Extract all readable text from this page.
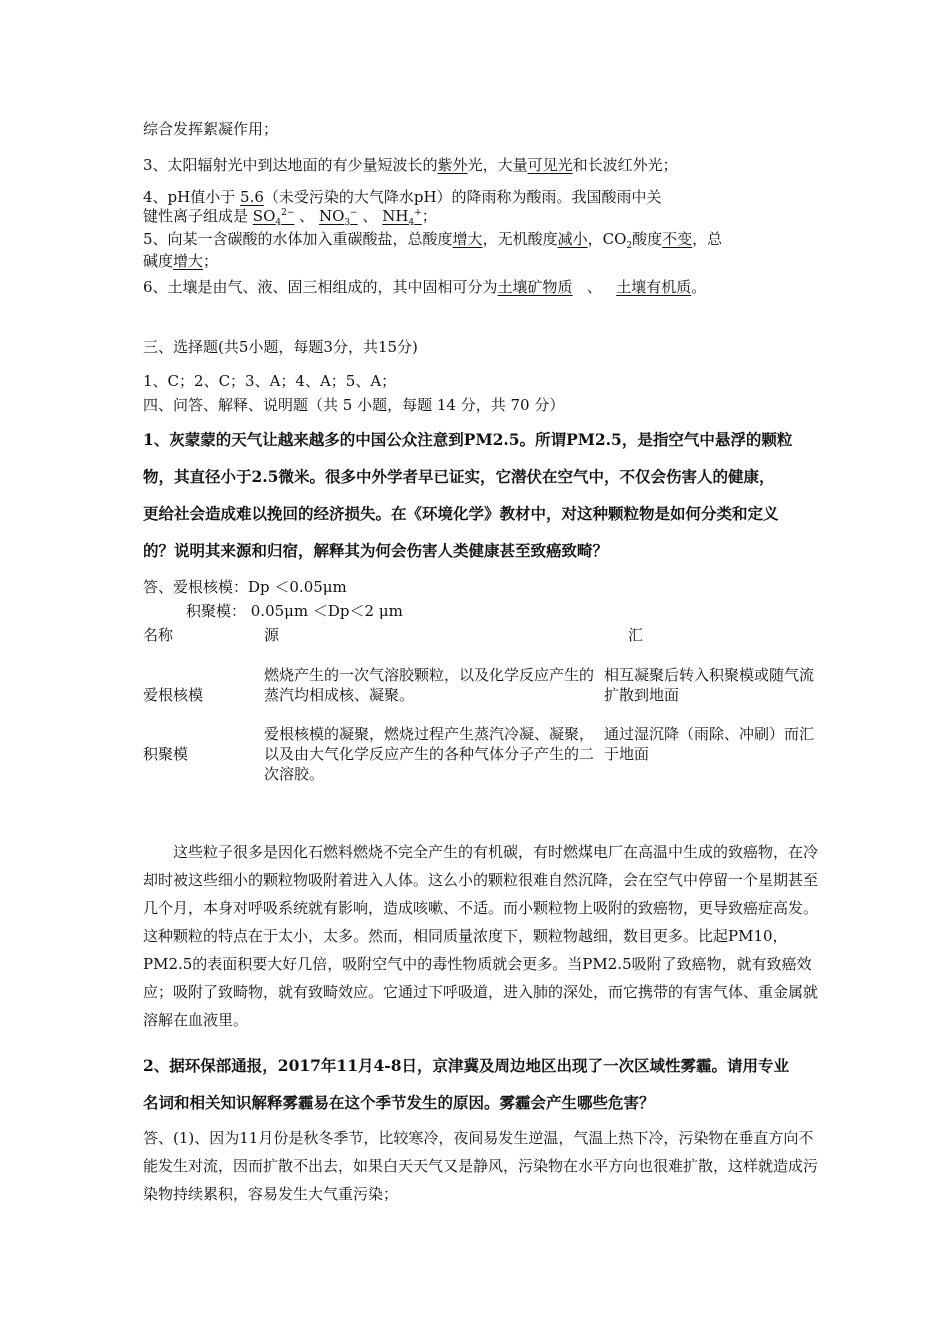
综合发挥絮凝作用；
3、太阳辐射光中到达地面的有少量短波长的紫外光，大量可见光和长波红外光；
4、pH值小于 5.6（未受污染的大气降水pH）的降雨称为酸雨。我国酸雨中关
键性离子组成是 $SO_4^{2-}$ 、 $NO_3^-$ 、 $NH_4^+$；
5、向某一含碳酸的水体加入重碳酸盐，总酸度增大，无机酸度减小，$CO_2$酸度不变，总
碱度增大；
6、土壤是由气、液、固三相组成的，其中固相可分为土壤矿物质 、 土壤有机质。
三、选择题(共5小题，每题3分，共15分)
1、C；2、C；3、A；4、A；5、A；
四、问答、解释、说明题（共 5 小题，每题 14 分，共 70 分）
1、灰蒙蒙的天气让越来越多的中国公众注意到PM2.5。所谓PM2.5，是指空气中悬浮的颗粒
物，其直径小于2.5微米。很多中外学者早已证实，它潜伏在空气中，不仅会伤害人的健康，
更给社会造成难以挽回的经济损失。在《环境化学》教材中，对这种颗粒物是如何分类和定义
的？说明其来源和归宿，解释其为何会伤害人类健康甚至致癌致畸？
答、爱根核模：Dp ＜0.05μm
积聚模： 0.05μm ＜Dp＜2 μm
名称	源	汇
爱根核模
燃烧产生的一次气溶胶颗粒，以及化学反应产生的蒸汽均相成核、凝聚。
相互凝聚后转入积聚模或随气流扩散到地面
积聚模
爱根核模的凝聚，燃烧过程产生蒸汽冷凝、凝聚，以及由大气化学反应产生的各种气体分子产生的二次溶胶。
通过湿沉降（雨除、冲刷）而汇于地面

这些粒子很多是因化石燃料燃烧不完全产生的有机碳，有时燃煤电厂在高温中生成的致癌物，在冷却时被这些细小的颗粒物吸附着进入人体。这么小的颗粒很难自然沉降，会在空气中停留一个星期甚至几个月，本身对呼吸系统就有影响，造成咳嗽、不适。而小颗粒物上吸附的致癌物，更导致癌症高发。这种颗粒的特点在于太小，太多。然而，相同质量浓度下，颗粒物越细，数目更多。比起PM10，PM2.5的表面积要大好几倍，吸附空气中的毒性物质就会更多。当PM2.5吸附了致癌物，就有致癌效应；吸附了致畸物，就有致畸效应。它通过下呼吸道，进入肺的深处，而它携带的有害气体、重金属就溶解在血液里。

2、据环保部通报，2017年11月4-8日，京津冀及周边地区出现了一次区域性雾霾。请用专业
名词和相关知识解释雾霾易在这个季节发生的原因。雾霾会产生哪些危害？

答、(1)、因为11月份是秋冬季节，比较寒冷，夜间易发生逆温，气温上热下冷，污染物在垂直方向不能发生对流，因而扩散不出去，如果白天天气又是静风，污染物在水平方向也很难扩散，这样就造成污染物持续累积，容易发生大气重污染；
